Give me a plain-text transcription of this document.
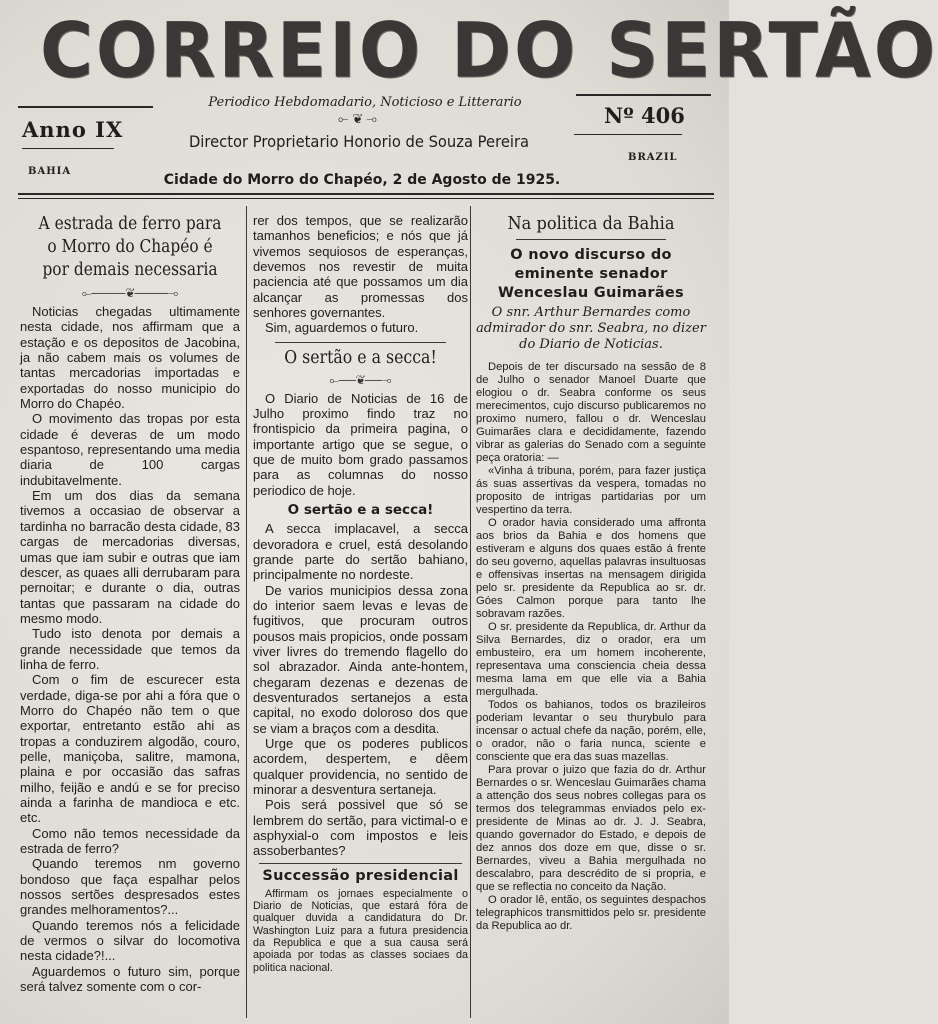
CORREIO DO SERTÃO
Periodico Hebdomadario, Noticioso e Litterario
⟜ ❦ ⊸
Anno IX
Nº 406
Director Proprietario Honorio de Souza Pereira
BAHIA
BRAZIL
Cidade do Morro do Chapéo, 2 de Agosto de 1925.
A estrada de ferro para o Morro do Chapéo é por demais necessaria
⟜────❦────⊸

Noticias chegadas ultimamente nesta cidade, nos affirmam que a estação e os depositos de Jacobina, ja não cabem mais os volumes de tantas mercadorias importadas e exportadas do nosso municipio do Morro do Chapéo.

O movimento das tropas por esta cidade é deveras de um modo espantoso, representando uma media diaria de 100 cargas indubitavelmente.

Em um dos dias da semana tivemos a occasiao de observar a tardinha no barracão desta cidade, 83 cargas de mercadorias diversas, umas que iam subir e outras que iam descer, as quaes alli derrubaram para pernoitar; e durante o dia, outras tantas que passaram na cidade do mesmo modo.

Tudo isto denota por demais a grande necessidade que temos da linha de ferro.

Com o fim de escurecer esta verdade, diga-se por ahi a fóra que o Morro do Chapéo não tem o que exportar, entretanto estão ahi as tropas a conduzirem algodão, couro, pelle, maniçoba, salitre, mamona, plaina e por occasião das safras milho, feijão e andú e se for preciso ainda a farinha de mandioca e etc. etc.

Como não temos necessidade da estrada de ferro?

Quando teremos nm governo bondoso que faça espalhar pelos nossos sertões despresados estes grandes melhoramentos?...

Quando teremos nós a felicidade de vermos o silvar do locomotiva nesta cidade?!...

Aguardemos o futuro sim, porque será talvez somente com o cor-

rer dos tempos, que se realizarão tamanhos beneficios; e nós que já vivemos sequiosos de esperanças, devemos nos revestir de muita paciencia até que possamos um dia alcançar as promessas dos senhores governantes.

Sim, aguardemos o futuro.

O sertão e a secca!
⟜──❦──⊸

O Diario de Noticias de 16 de Julho proximo findo traz no frontispicio da primeira pagina, o importante artigo que se segue, o que de muito bom grado passamos para as columnas do nosso periodico de hoje.

O sertão e a secca!

A secca implacavel, a secca devoradora e cruel, está desolando grande parte do sertão bahiano, principalmente no nordeste.

De varios municipios dessa zona do interior saem levas e levas de fugitivos, que procuram outros pousos mais propicios, onde possam viver livres do tremendo flagello do sol abrazador. Ainda ante-hontem, chegaram dezenas e dezenas de desventurados sertanejos a esta capital, no exodo doloroso dos que se viam a braços com a desdita.

Urge que os poderes publicos acordem, despertem, e dêem qualquer providencia, no sentido de minorar a desventura sertaneja.

Pois será possivel que só se lembrem do sertão, para victimal-o e asphyxial-o com impostos e leis assoberbantes?

Successão presidencial

Affirmam os jornaes especialmente o Diario de Noticias, que estará fóra de qualquer duvida a candidatura do Dr. Washington Luiz para a futura presidencia da Republica e que a sua causa será apoiada por todas as classes sociaes da politica nacional.

Na politica da Bahia
O novo discurso do eminente senador Wenceslau Guimarães
O snr. Arthur Bernardes como admirador do snr. Seabra, no dizer do Diario de Noticias.

Depois de ter discursado na sessão de 8 de Julho o senador Manoel Duarte que elogiou o dr. Seabra conforme os seus merecimentos, cujo discurso publicaremos no proximo numero, fallou o dr. Wenceslau Guimarães clara e decididamente, fazendo vibrar as galerias do Senado com a seguinte peça oratoria: —

«Vinha á tribuna, porém, para fazer justiça ás suas assertivas da vespera, tomadas no proposito de intrigas partidarias por um vespertino da terra.

O orador havia considerado uma affronta aos brios da Bahia e dos homens que estiveram e alguns dos quaes estão á frente do seu governo, aquellas palavras insultuosas e offensivas insertas na mensagem dirigida pelo sr. presidente da Republica ao sr. dr. Góes Calmon porque para tanto lhe sobravam razões.

O sr. presidente da Republica, dr. Arthur da Silva Bernardes, diz o orador, era um embusteiro, era um homem incoherente, representava uma consciencia cheia dessa mesma lama em que elle via a Bahia mergulhada.

Todos os bahianos, todos os brazileiros poderiam levantar o seu thurybulo para incensar o actual chefe da nação, porém, elle, o orador, não o faria nunca, sciente e consciente que era das suas mazellas.

Para provar o juizo que fazia do dr. Arthur Bernardes o sr. Wenceslau Guimarães chama a attenção dos seus nobres collegas para os termos dos telegrammas enviados pelo ex-presidente de Minas ao dr. J. J. Seabra, quando governador do Estado, e depois de dez annos dos doze em que, disse o sr. Bernardes, viveu a Bahia mergulhada no descalabro, para descrédito de si propria, e que se reflectia no conceito da Nação.

O orador lê, então, os seguintes despachos telegraphicos transmittidos pelo sr. presidente da Republica ao dr.
